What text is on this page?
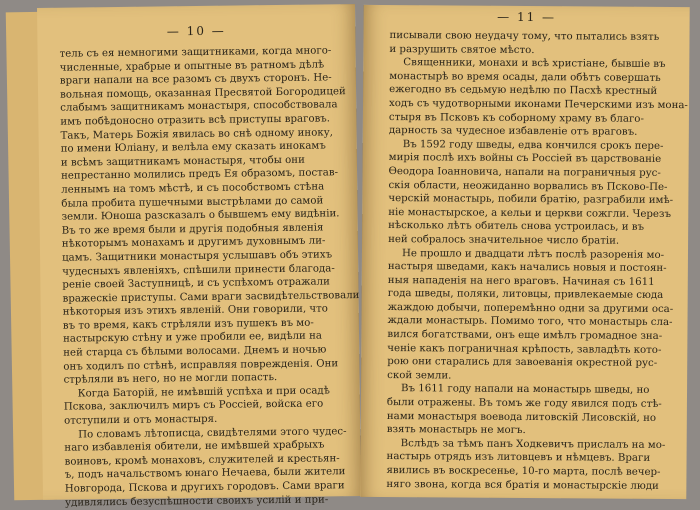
— 10 —
тель съ ея немногими защитниками, когда много-
численные, храбрые и опытные въ ратномъ дѣлѣ
враги напали на все разомъ съ двухъ сторонъ. Не-
вольная помощь, оказанная Пресвятой Богородицей
слабымъ защитникамъ монастыря, способствовала
имъ побѣдоносно отразить всѣ приступы враговъ.
Такъ, Матерь Божія явилась во снѣ одному иноку,
по имени Юліану, и велѣла ему сказать инокамъ
и всѣмъ защитникамъ монастыря, чтобы они
непрестанно молились предъ Ея образомъ, постав-
леннымъ на томъ мѣстѣ, и съ пособствомъ стѣна
была пробита пушечными выстрѣлами до самой
земли. Юноша разсказалъ о бывшемъ ему видѣніи.
Въ то же время были и другія подобныя явленія
нѣкоторымъ монахамъ и другимъ духовнымъ ли-
цамъ. Защитники монастыря услышавъ объ этихъ
чудесныхъ явленіяхъ, спѣшили принести благода-
реніе своей Заступницѣ, и съ успѣхомъ отражали
вражескіе приступы. Сами враги засвидѣтельствовали
нѣкоторыя изъ этихъ явленій. Они говорили, что
въ то время, какъ стрѣляли изъ пушекъ въ мо-
настырскую стѣну и уже пробили ее, видѣли на
ней старца съ бѣлыми волосами. Днемъ и ночью
онъ ходилъ по стѣнѣ, исправляя поврежденія. Они
стрѣляли въ него, но не могли попасть.
Когда Баторій, не имѣвшій успѣха и при осадѣ
Пскова, заключилъ миръ съ Россіей, войска его
отступили и отъ монастыря.
По словамъ лѣтописца, свидѣтелями этого чудес-
наго избавленія обители, не имѣвшей храбрыхъ
воиновъ, кромѣ монаховъ, служителей и крестьян-
ъ, подъ начальствомъ юнаго Нечаева, были жители
Новгорода, Пскова и другихъ городовъ. Сами враги
удивлялись безуспѣшности своихъ усилій и при-
— 11 —
писывали свою неудачу тому, что пытались взять
и разрушить святое мѣсто.
Священники, монахи и всѣ христіане, бывшіе въ
монастырѣ во время осады, дали обѣтъ совершать
ежегодно въ седьмую недѣлю по Пасхѣ крестный
ходъ съ чудотворными иконами Печерскими изъ мона-
стыря въ Псковъ къ соборному храму въ благо-
дарность за чудесное избавленіе отъ враговъ.
Въ 1592 году шведы, едва кончился срокъ пере-
мирія послѣ ихъ войны съ Россіей въ царствованіе
Ѳеодора Іоанновича, напали на пограничныя рус-
скія области, неожиданно ворвались въ Псково-Пе-
черскій монастырь, побили братію, разграбили имѣ-
ніе монастырское, а кельи и церкви сожгли. Черезъ
нѣсколько лѣтъ обитель снова устроилась, и въ
ней собралось значительное число братіи.
Не прошло и двадцати лѣтъ послѣ разоренія мо-
настыря шведами, какъ начались новыя и постоян-
ныя нападенія на него враговъ. Начиная съ 1611
года шведы, поляки, литовцы, привлекаемые сюда
жаждою добычи, поперемѣнно одни за другими оса-
ждали монастырь. Помимо того, что монастырь сла-
вился богатствами, онъ еще имѣлъ громадное зна-
ченіе какъ пограничная крѣпость, завладѣть кото-
рою они старались для завоеванія окрестной рус-
ской земли.
Въ 1611 году напали на монастырь шведы, но
были отражены. Въ томъ же году явился подъ стѣ-
нами монастыря воевода литовскій Лисовскій, но
взять монастырь не могъ.
Вслѣдъ за тѣмъ панъ Ходкевичъ прислалъ на мо-
настырь отрядъ изъ литовцевъ и нѣмцевъ. Враги
явились въ воскресенье, 10-го марта, послѣ вечер-
няго звона, когда вся братія и монастырскіе люди
